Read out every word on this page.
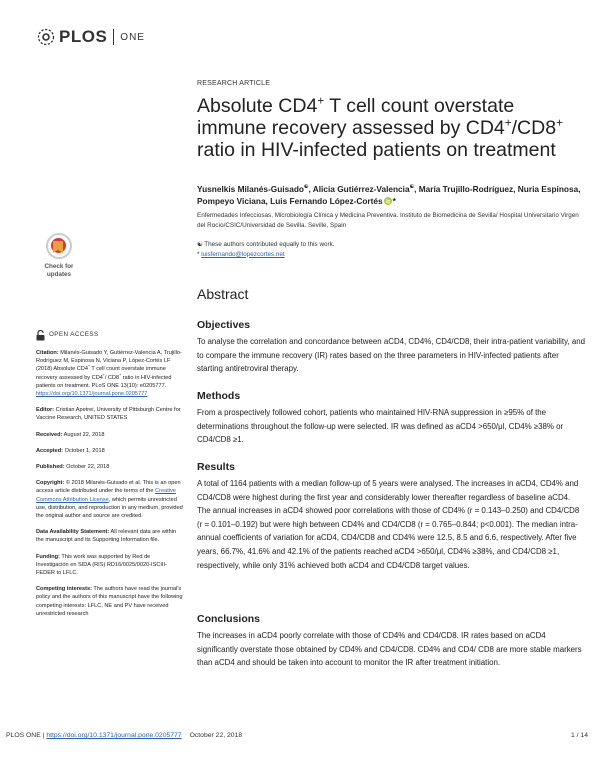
PLOS ONE
RESEARCH ARTICLE
Absolute CD4+ T cell count overstate immune recovery assessed by CD4+/CD8+ ratio in HIV-infected patients on treatment
Yusnelkis Milanés-Guisado☯, Alicia Gutiérrez-Valencia☯, María Trujillo-Rodríguez, Nuria Espinosa, Pompeyo Viciana, Luis Fernando López-Cortés *
Enfermedades Infecciosas, Microbiología Clínica y Medicina Preventiva. Instituto de Biomedicina de Sevilla/ Hospital Universitario Virgen del Rocío/CSIC/Universidad de Sevilla. Seville, Spain
☯ These authors contributed equally to this work.
* luisfernando@lopezcortes.net
Check for
updates
OPEN ACCESS

Citation: Milanés-Guisado Y, Gutiérrez-Valencia A, Trujillo-Rodríguez M, Espinosa N, Viciana P, López-Cortés LF (2018) Absolute CD4+ T cell count overstate immune recovery assessed by CD4+/ CD8+ ratio in HIV-infected patients on treatment. PLoS ONE 13(10): e0205777. https://doi.org/10.1371/journal.pone.0205777

Editor: Cristian Apetrei, University of Pittsburgh Centre for Vaccine Research, UNITED STATES

Received: August 22, 2018

Accepted: October 1, 2018

Published: October 22, 2018

Copyright: © 2018 Milanés-Guisado et al. This is an open access article distributed under the terms of the Creative Commons Attribution License, which permits unrestricted use, distribution, and reproduction in any medium, provided the original author and source are credited.

Data Availability Statement: All relevant data are within the manuscript and its Supporting Information file.

Funding: This work was supported by Red de Investigación en SIDA (RIS) RD16/0025/0020-ISCIII-FEDER to LFLC.

Competing interests: The authors have read the journal's policy and the authors of this manuscript have the following competing interests: LFLC, NE and PV have received unrestricted research

Abstract
Objectives
To analyse the correlation and concordance between aCD4, CD4%, CD4/CD8, their intra-patient variability, and to compare the immune recovery (IR) rates based on the three parameters in HIV-infected patients after starting antiretroviral therapy.
Methods
From a prospectively followed cohort, patients who maintained HIV-RNA suppression in ≥95% of the determinations throughout the follow-up were selected. IR was defined as aCD4 >650/μl, CD4% ≥38% or CD4/CD8 ≥1.
Results
A total of 1164 patients with a median follow-up of 5 years were analysed. The increases in aCD4, CD4% and CD4/CD8 were highest during the first year and considerably lower thereafter regardless of baseline aCD4. The annual increases in aCD4 showed poor correlations with those of CD4% (r = 0.143–0.250) and CD4/CD8 (r = 0.101–0.192) but were high between CD4% and CD4/CD8 (r = 0.765–0.844; p<0.001). The median intra-annual coefficients of variation for aCD4, CD4/CD8 and CD4% were 12.5, 8.5 and 6.6, respectively. After five years, 66.7%, 41.6% and 42.1% of the patients reached aCD4 >650/μl, CD4% ≥38%, and CD4/CD8 ≥1, respectively, while only 31% achieved both aCD4 and CD4/CD8 target values.
Conclusions
The increases in aCD4 poorly correlate with those of CD4% and CD4/CD8. IR rates based on aCD4 significantly overstate those obtained by CD4% and CD4/CD8. CD4% and CD4/ CD8 are more stable markers than aCD4 and should be taken into account to monitor the IR after treatment initiation.
PLOS ONE | https://doi.org/10.1371/journal.pone.0205777 October 22, 2018	1 / 14
